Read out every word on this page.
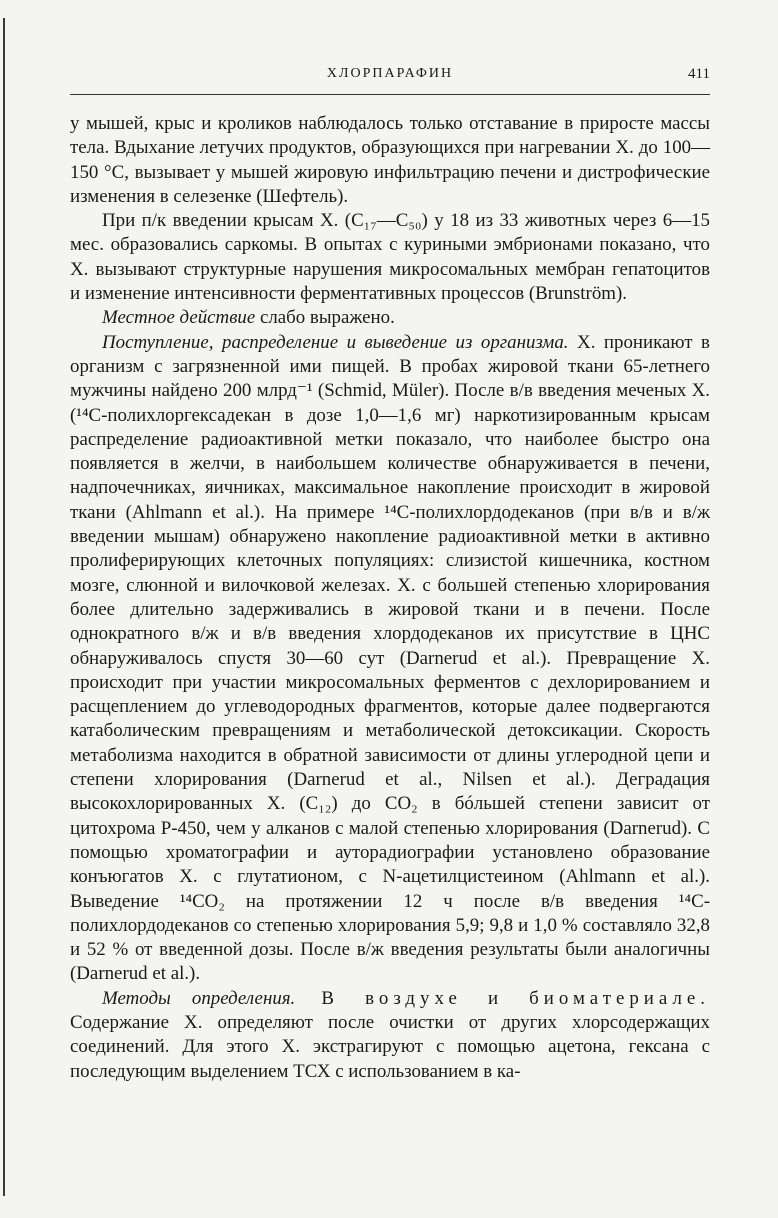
ХЛОРПАРАФИН	411

у мышей, крыс и кроликов наблюдалось только отставание в приросте массы тела. Вдыхание летучих продуктов, образующихся при нагревании X. до 100—150 °С, вызывает у мышей жировую инфильтрацию печени и дистрофические изменения в селезенке (Шефтель).

При п/к введении крысам X. (C₁₇—C₅₀) у 18 из 33 животных через 6—15 мес. образовались саркомы. В опытах с куриными эмбрионами показано, что X. вызывают структурные нарушения микросомальных мембран гепатоцитов и изменение интенсивности ферментативных процессов (Brunström).

Местное действие слабо выражено.

Поступление, распределение и выведение из организма. X. проникают в организм с загрязненной ими пищей. В пробах жировой ткани 65-летнего мужчины найдено 200 млрд⁻¹ (Schmid, Müler). После в/в введения меченых X. (¹⁴С-полихлоргексадекан в дозе 1,0—1,6 мг) наркотизированным крысам распределение радиоактивной метки показало, что наиболее быстро она появляется в желчи, в наибольшем количестве обнаруживается в печени, надпочечниках, яичниках, максимальное накопление происходит в жировой ткани (Ahlmann et al.). На примере ¹⁴С-полихлордодеканов (при в/в и в/ж введении мышам) обнаружено накопление радиоактивной метки в активно пролиферирующих клеточных популяциях: слизистой кишечника, костном мозге, слюнной и вилочковой железах. X. с большей степенью хлорирования более длительно задерживались в жировой ткани и в печени. После однократного в/ж и в/в введения хлордодеканов их присутствие в ЦНС обнаруживалось спустя 30—60 сут (Darnerud et al.). Превращение X. происходит при участии микросомальных ферментов с дехлорированием и расщеплением до углеводородных фрагментов, которые далее подвергаются катаболическим превращениям и метаболической детоксикации. Скорость метаболизма находится в обратной зависимости от длины углеродной цепи и степени хлорирования (Darnerud et al., Nilsen et al.). Деградация высокохлорированных X. (C₁₂) до CO₂ в бóльшей степени зависит от цитохрома Р-450, чем у алканов с малой степенью хлорирования (Darnerud). С помощью хроматографии и ауторадиографии установлено образование конъюгатов X. с глутатионом, с N-ацетилцистеином (Ahlmann et al.). Выведение ¹⁴CO₂ на протяжении 12 ч после в/в введения ¹⁴С-полихлордодеканов со степенью хлорирования 5,9; 9,8 и 1,0 % составляло 32,8 и 52 % от введенной дозы. После в/ж введения результаты были аналогичны (Darnerud et al.).

Методы определения. В воздухе и биоматериале. Содержание X. определяют после очистки от других хлорсодержащих соединений. Для этого X. экстрагируют с помощью ацетона, гексана с последующим выделением ТСХ с использованием в ка-
